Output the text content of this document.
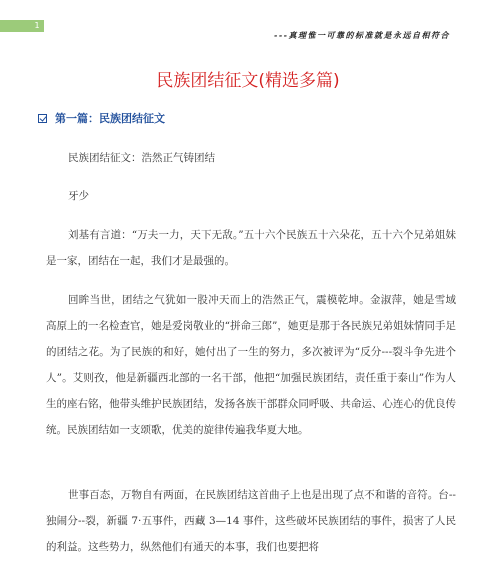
1
---真理惟一可靠的标准就是永远自相符合
民族团结征文(精选多篇)
第一篇：民族团结征文

民族团结征文：浩然正气铸团结

牙少

刘基有言道：“万夫一力，天下无敌。”五十六个民族五十六朵花，五十六个兄弟姐妹是一家，团结在一起，我们才是最强的。

回眸当世，团结之气犹如一股冲天而上的浩然正气，震模乾坤。金淑萍，她是雪域高原上的一名检查官，她是爱岗敬业的“拼命三郎”，她更是那于各民族兄弟姐妹情同手足的团结之花。为了民族的和好，她付出了一生的努力，多次被评为“反分---裂斗争先进个人”。艾则孜，他是新疆西北部的一名干部，他把“加强民族团结，责任重于泰山”作为人生的座右铭，他带头维护民族团结，发扬各族干部群众同呼吸、共命运、心连心的优良传统。民族团结如一支颂歌，优美的旋律传遍我华夏大地。

世事百态，万物自有两面，在民族团结这首曲子上也是出现了点不和谐的音符。台--独闹分--裂，新疆 7·五事件，西藏 3—14 事件，这些破坏民族团结的事件，损害了人民的利益。这些势力，纵然他们有通天的本事，我们也要把将
